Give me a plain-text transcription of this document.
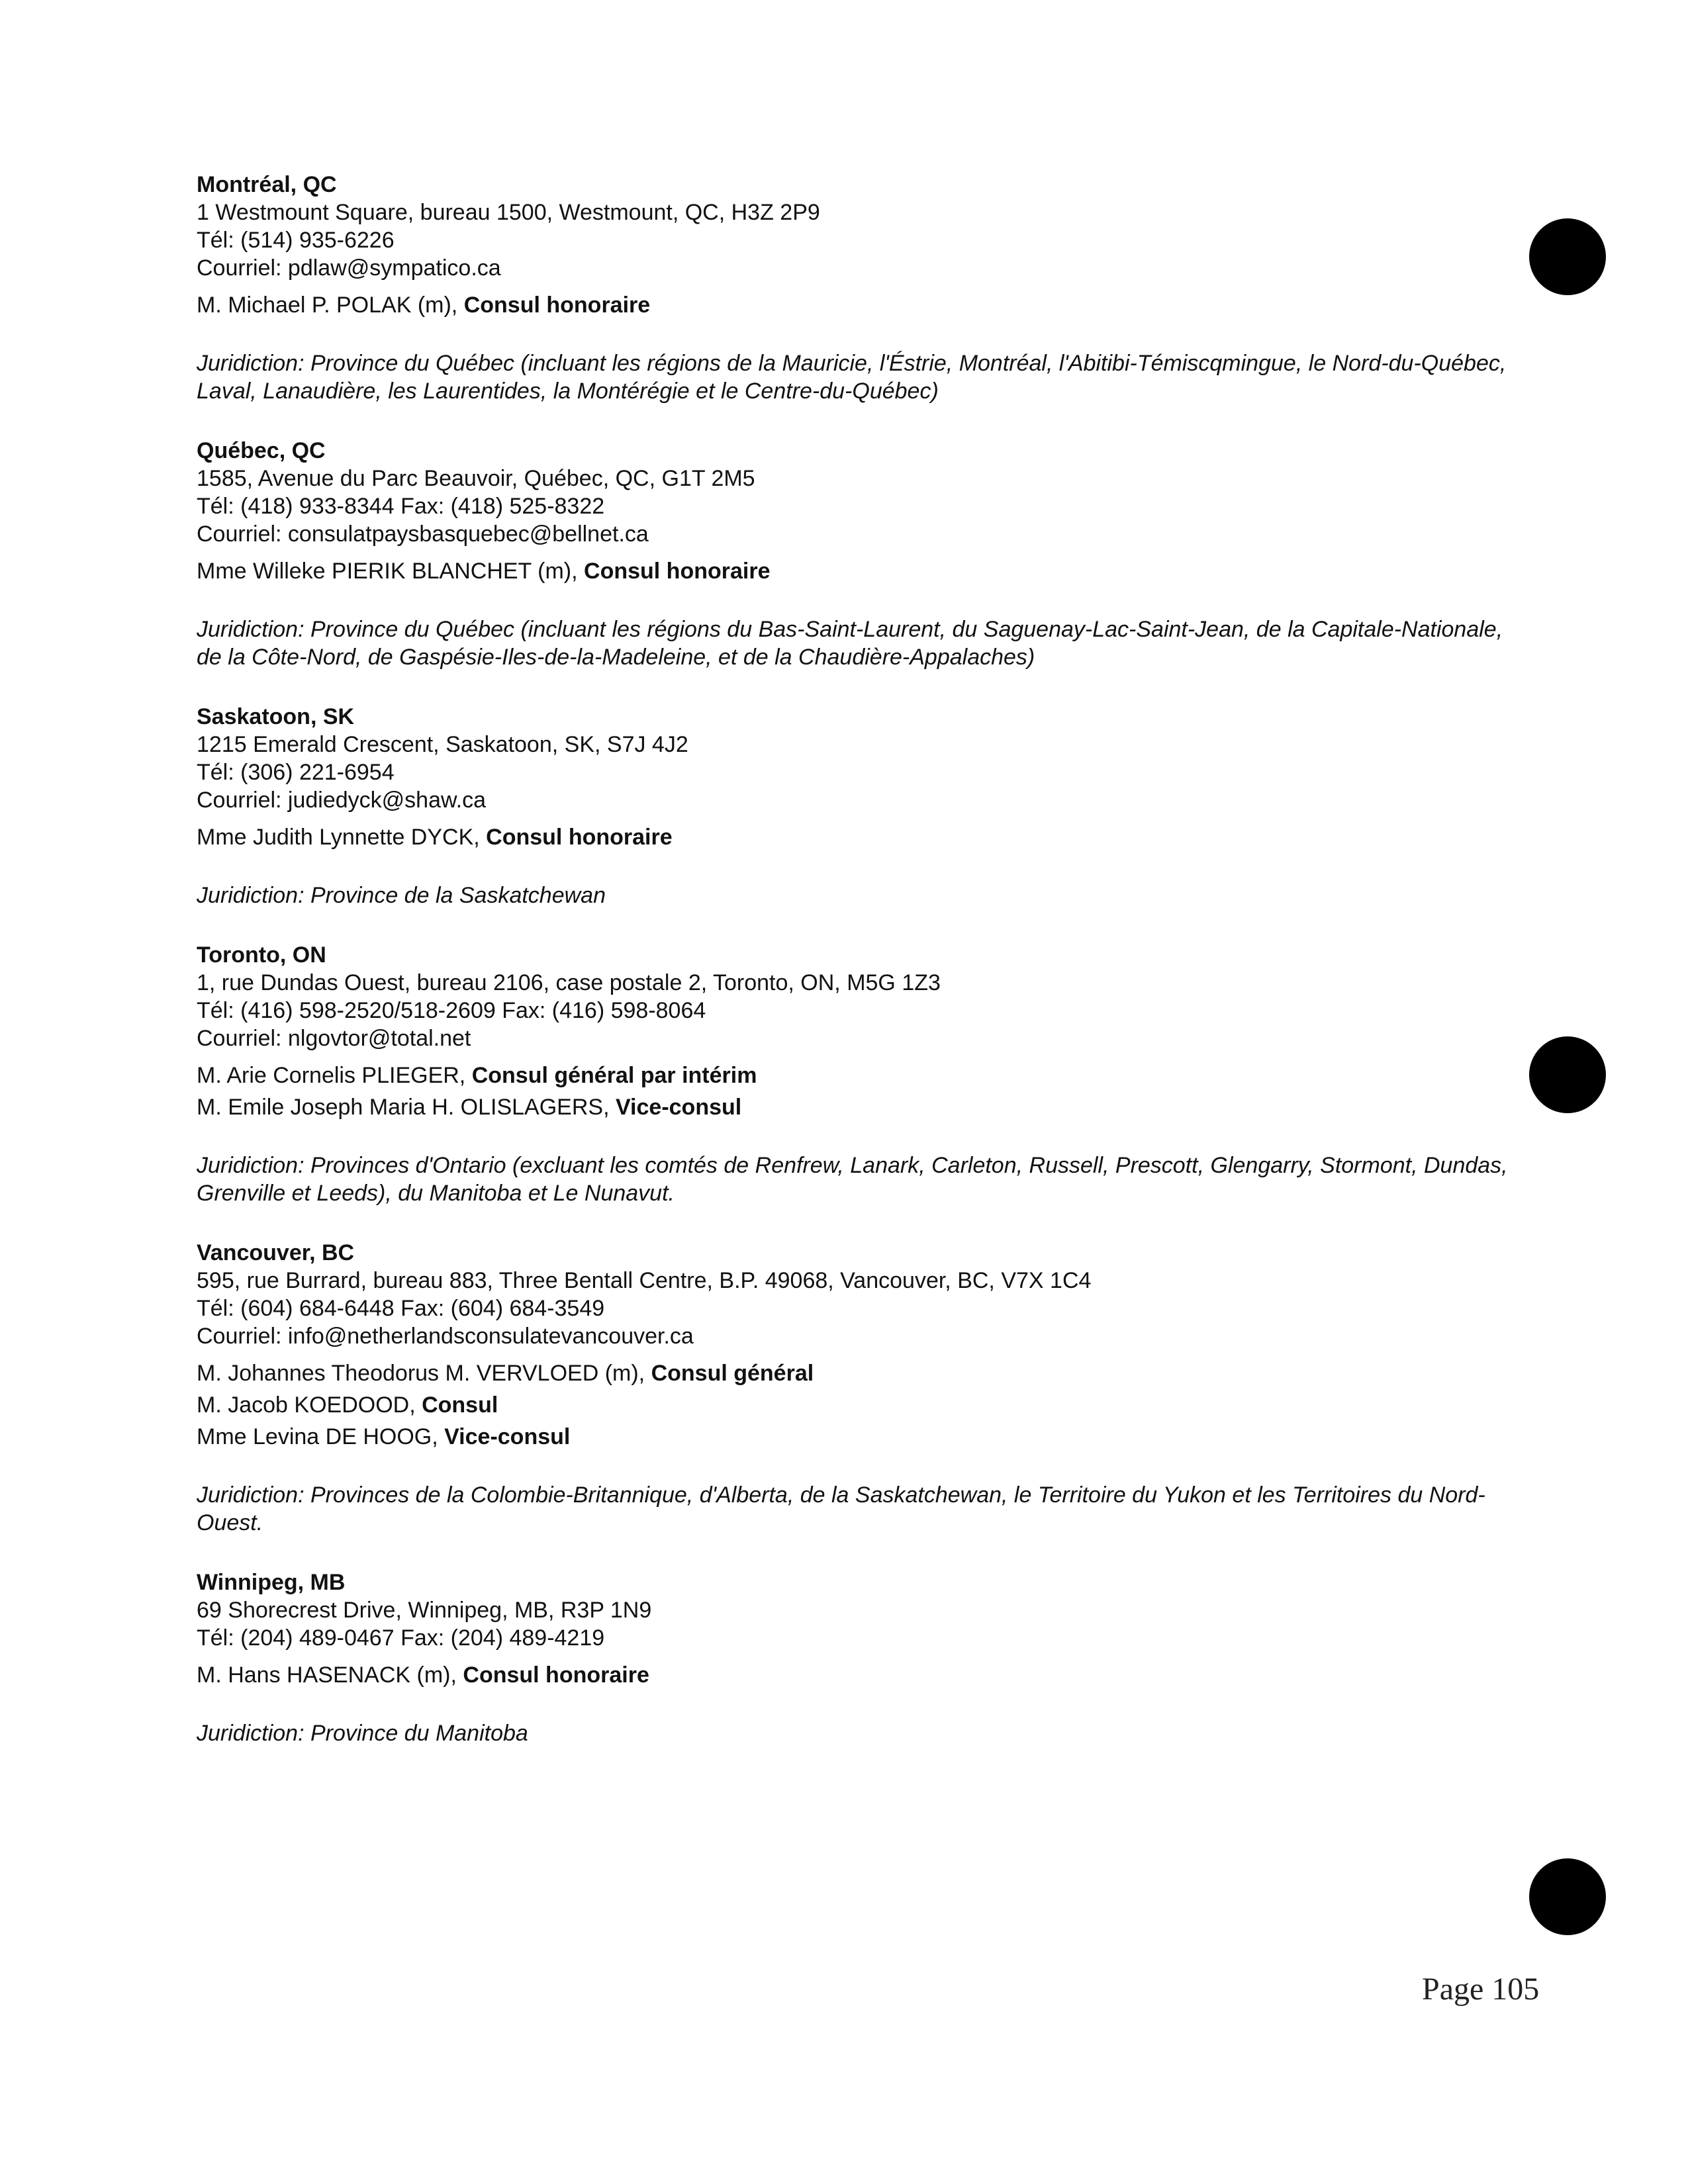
Montréal, QC

1 Westmount Square, bureau 1500, Westmount, QC, H3Z 2P9

Tél: (514) 935-6226

Courriel: pdlaw@sympatico.ca

M. Michael P. POLAK (m), Consul honoraire

Juridiction: Province du Québec (incluant les régions de la Mauricie, l'Éstrie, Montréal, l'Abitibi-Témiscqmingue, le Nord-du-Québec, Laval, Lanaudière, les Laurentides, la Montérégie et le Centre-du-Québec)

Québec, QC

1585, Avenue du Parc Beauvoir, Québec, QC, G1T 2M5

Tél: (418) 933-8344 Fax: (418) 525-8322

Courriel: consulatpaysbasquebec@bellnet.ca

Mme Willeke PIERIK BLANCHET (m), Consul honoraire

Juridiction: Province du Québec (incluant les régions du Bas-Saint-Laurent, du Saguenay-Lac-Saint-Jean, de la Capitale-Nationale, de la Côte-Nord, de Gaspésie-Iles-de-la-Madeleine, et de la Chaudière-Appalaches)

Saskatoon, SK

1215 Emerald Crescent, Saskatoon, SK, S7J 4J2

Tél: (306) 221-6954

Courriel: judiedyck@shaw.ca

Mme Judith Lynnette DYCK, Consul honoraire

Juridiction: Province de la Saskatchewan

Toronto, ON

1, rue Dundas Ouest, bureau 2106, case postale 2, Toronto, ON, M5G 1Z3

Tél: (416) 598-2520/518-2609 Fax: (416) 598-8064

Courriel: nlgovtor@total.net

M. Arie Cornelis PLIEGER, Consul général par intérim

M. Emile Joseph Maria H. OLISLAGERS, Vice-consul

Juridiction: Provinces d'Ontario (excluant les comtés de Renfrew, Lanark, Carleton, Russell, Prescott, Glengarry, Stormont, Dundas, Grenville et Leeds), du Manitoba et Le Nunavut.

Vancouver, BC

595, rue Burrard, bureau 883, Three Bentall Centre, B.P. 49068, Vancouver, BC, V7X 1C4

Tél: (604) 684-6448 Fax: (604) 684-3549

Courriel: info@netherlandsconsulatevancouver.ca

M. Johannes Theodorus M. VERVLOED (m), Consul général

M. Jacob KOEDOOD, Consul

Mme Levina DE HOOG, Vice-consul

Juridiction: Provinces de la Colombie-Britannique, d'Alberta, de la Saskatchewan, le Territoire du Yukon et les Territoires du Nord-Ouest.

Winnipeg, MB

69 Shorecrest Drive, Winnipeg, MB, R3P 1N9

Tél: (204) 489-0467 Fax: (204) 489-4219

M. Hans HASENACK (m), Consul honoraire

Juridiction: Province du Manitoba

Page 105
